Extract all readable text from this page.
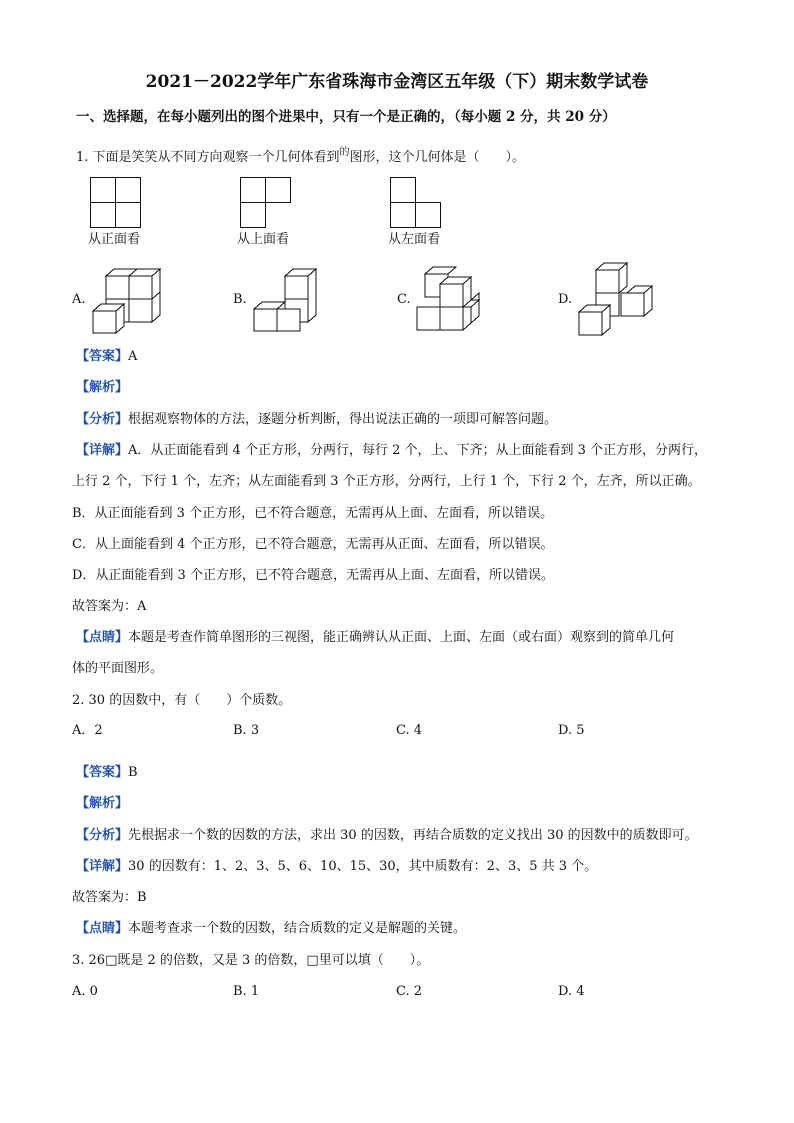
2021－2022学年广东省珠海市金湾区五年级（下）期末数学试卷
一、选择题，在每小题列出的图个进果中，只有一个是正确的，（每小题 2 分，共 20 分）
1. 下面是笑笑从不同方向观察一个几何体看到$^的$图形，这个几何体是（　　）。
从正面看	从上面看	从左面看
A.	B.	C.	D.
【答案】A
【解析】
【分析】根据观察物体的方法，逐题分析判断，得出说法正确的一项即可解答问题。
【详解】A．从正面能看到 4 个正方形，分两行，每行 2 个，上、下齐；从上面能看到 3 个正方形，分两行，
上行 2 个，下行 1 个，左齐；从左面能看到 3 个正方形，分两行，上行 1 个，下行 2 个，左齐，所以正确。
B．从正面能看到 3 个正方形，已不符合题意，无需再从上面、左面看，所以错误。
C．从上面能看到 4 个正方形，已不符合题意，无需再从正面、左面看，所以错误。
D．从正面能看到 3 个正方形，已不符合题意，无需再从上面、左面看，所以错误。
故答案为：A
【点睛】本题是考查作简单图形的三视图，能正确辨认从正面、上面、左面（或右面）观察到的简单几何
体的平面图形。
2. 30 的因数中，有（　　）个质数。
A．2	B. 3	C. 4	D. 5
【答案】B
【解析】
【分析】先根据求一个数的因数的方法，求出 30 的因数，再结合质数的定义找出 30 的因数中的质数即可。
【详解】30 的因数有：1、2、3、5、6、10、15、30，其中质数有：2、3、5 共 3 个。
故答案为：B
【点睛】本题考查求一个数的因数，结合质数的定义是解题的关键。
3. 26□既是 2 的倍数，又是 3 的倍数，□里可以填（　　）。
A. 0	B. 1	C. 2	D. 4
